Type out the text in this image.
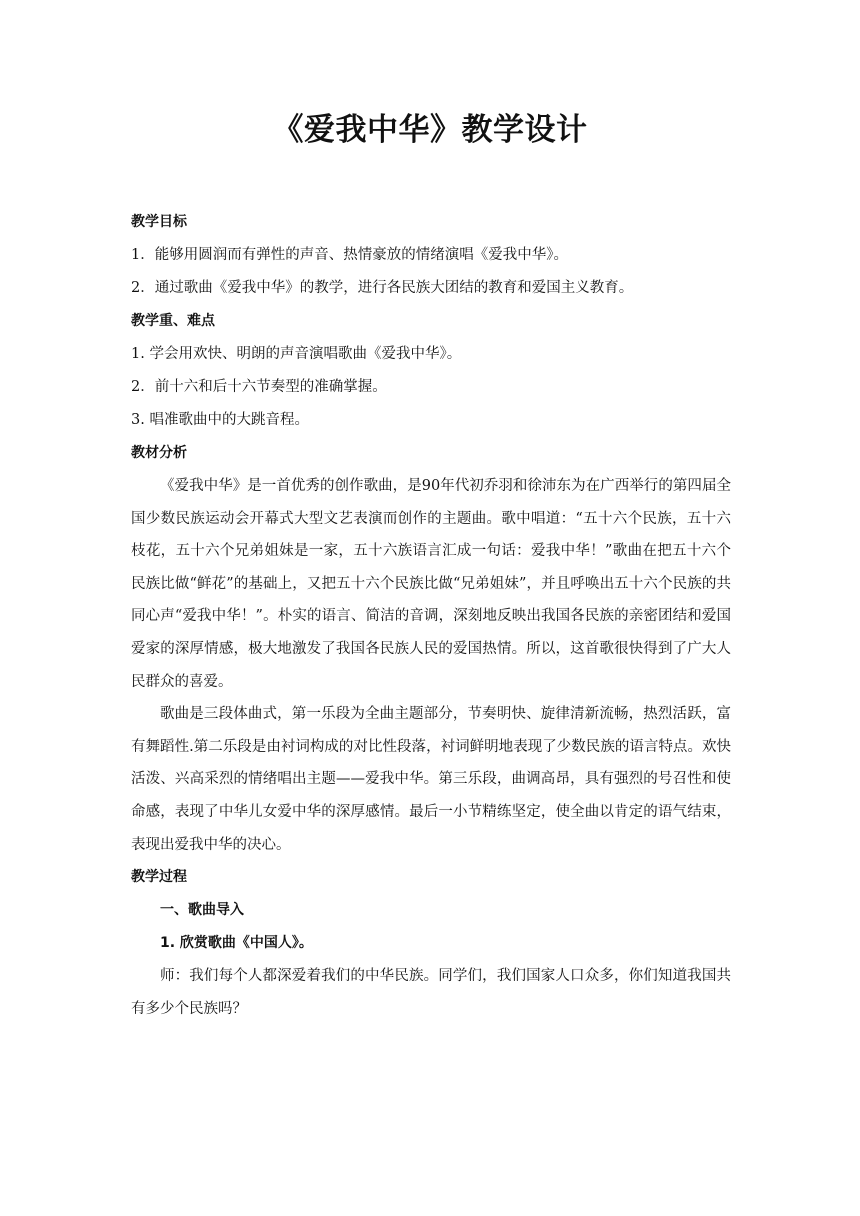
《爱我中华》教学设计
教学目标
1．能够用圆润而有弹性的声音、热情豪放的情绪演唱《爱我中华》。
2．通过歌曲《爱我中华》的教学，进行各民族大团结的教育和爱国主义教育。
教学重、难点
1. 学会用欢快、明朗的声音演唱歌曲《爱我中华》。
2．前十六和后十六节奏型的准确掌握。
3. 唱准歌曲中的大跳音程。
教材分析

《爱我中华》是一首优秀的创作歌曲，是90年代初乔羽和徐沛东为在广西举行的第四届全国少数民族运动会开幕式大型文艺表演而创作的主题曲。歌中唱道：“五十六个民族，五十六枝花，五十六个兄弟姐妹是一家，五十六族语言汇成一句话：爱我中华！”歌曲在把五十六个民族比做“鲜花”的基础上，又把五十六个民族比做“兄弟姐妹”，并且呼唤出五十六个民族的共同心声“爱我中华！”。朴实的语言、简洁的音调，深刻地反映出我国各民族的亲密团结和爱国爱家的深厚情感，极大地激发了我国各民族人民的爱国热情。所以，这首歌很快得到了广大人民群众的喜爱。

歌曲是三段体曲式，第一乐段为全曲主题部分，节奏明快、旋律清新流畅，热烈活跃，富有舞蹈性.第二乐段是由衬词构成的对比性段落，衬词鲜明地表现了少数民族的语言特点。欢快活泼、兴高采烈的情绪唱出主题——爱我中华。第三乐段，曲调高昂，具有强烈的号召性和使命感，表现了中华儿女爱中华的深厚感情。最后一小节精练坚定，使全曲以肯定的语气结束，表现出爱我中华的决心。

教学过程
一、歌曲导入
1. 欣赏歌曲《中国人》。

师：我们每个人都深爱着我们的中华民族。同学们，我们国家人口众多，你们知道我国共有多少个民族吗？
